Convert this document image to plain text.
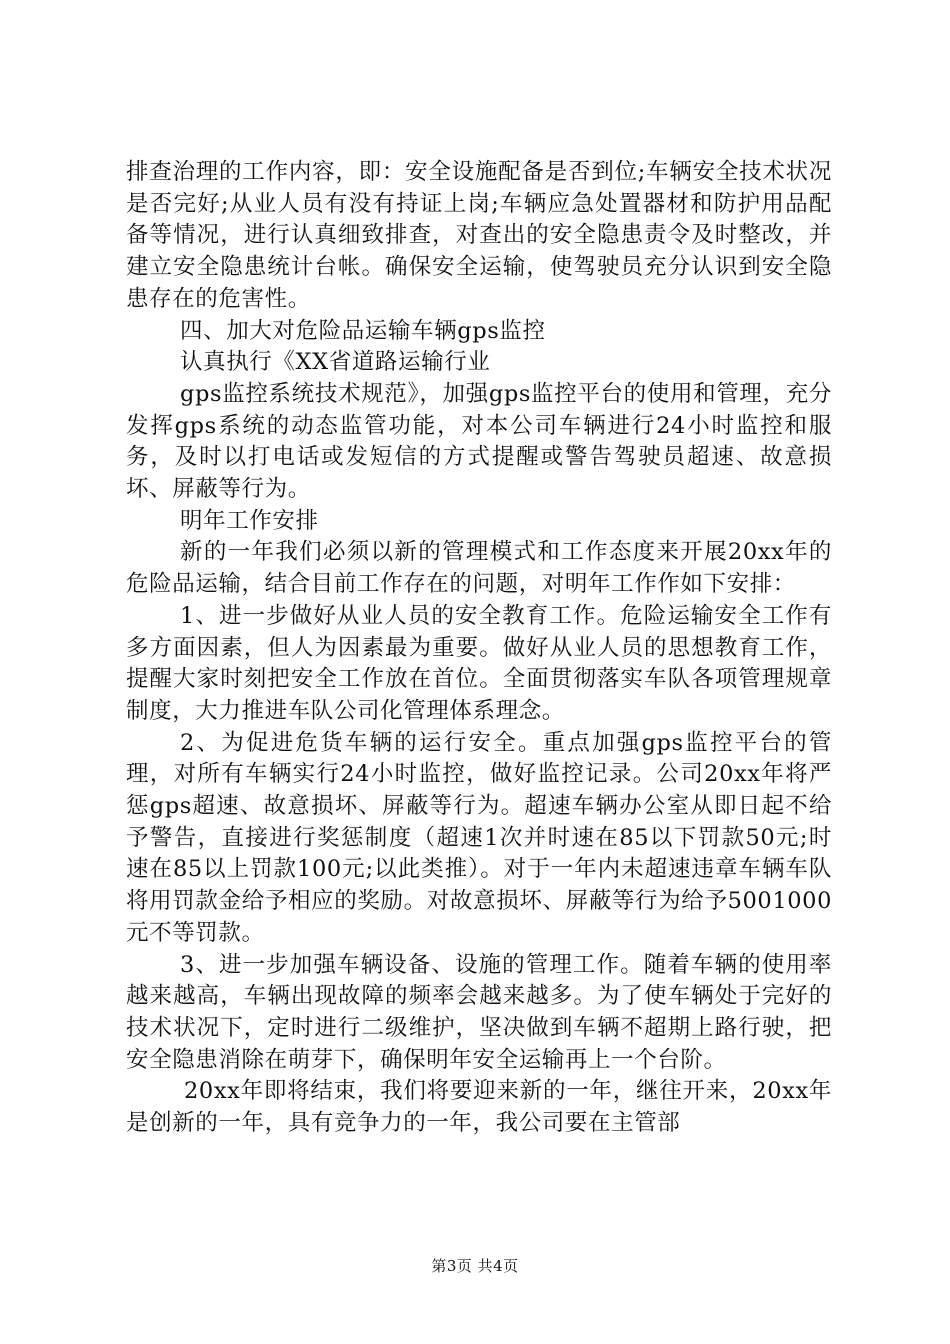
排查治理的工作内容，即：安全设施配备是否到位;车辆安全技术状况是否完好;从业人员有没有持证上岗;车辆应急处置器材和防护用品配备等情况，进行认真细致排查，对查出的安全隐患责令及时整改，并建立安全隐患统计台帐。确保安全运输，使驾驶员充分认识到安全隐患存在的危害性。

四、加大对危险品运输车辆gps监控

认真执行《XX省道路运输行业

gps监控系统技术规范》，加强gps监控平台的使用和管理，充分发挥gps系统的动态监管功能，对本公司车辆进行24小时监控和服务，及时以打电话或发短信的方式提醒或警告驾驶员超速、故意损坏、屏蔽等行为。

明年工作安排

新的一年我们必须以新的管理模式和工作态度来开展20xx年的危险品运输，结合目前工作存在的问题，对明年工作作如下安排：

1、进一步做好从业人员的安全教育工作。危险运输安全工作有多方面因素，但人为因素最为重要。做好从业人员的思想教育工作，提醒大家时刻把安全工作放在首位。全面贯彻落实车队各项管理规章制度，大力推进车队公司化管理体系理念。

2、为促进危货车辆的运行安全。重点加强gps监控平台的管理，对所有车辆实行24小时监控，做好监控记录。公司20xx年将严惩gps超速、故意损坏、屏蔽等行为。超速车辆办公室从即日起不给予警告，直接进行奖惩制度（超速1次并时速在85以下罚款50元;时速在85以上罚款100元;以此类推）。对于一年内未超速违章车辆车队将用罚款金给予相应的奖励。对故意损坏、屏蔽等行为给予5001000元不等罚款。

3、进一步加强车辆设备、设施的管理工作。随着车辆的使用率越来越高，车辆出现故障的频率会越来越多。为了使车辆处于完好的技术状况下，定时进行二级维护，坚决做到车辆不超期上路行驶，把安全隐患消除在萌芽下，确保明年安全运输再上一个台阶。

20xx年即将结束，我们将要迎来新的一年，继往开来，20xx年是创新的一年，具有竞争力的一年，我公司要在主管部

第3页 共4页
